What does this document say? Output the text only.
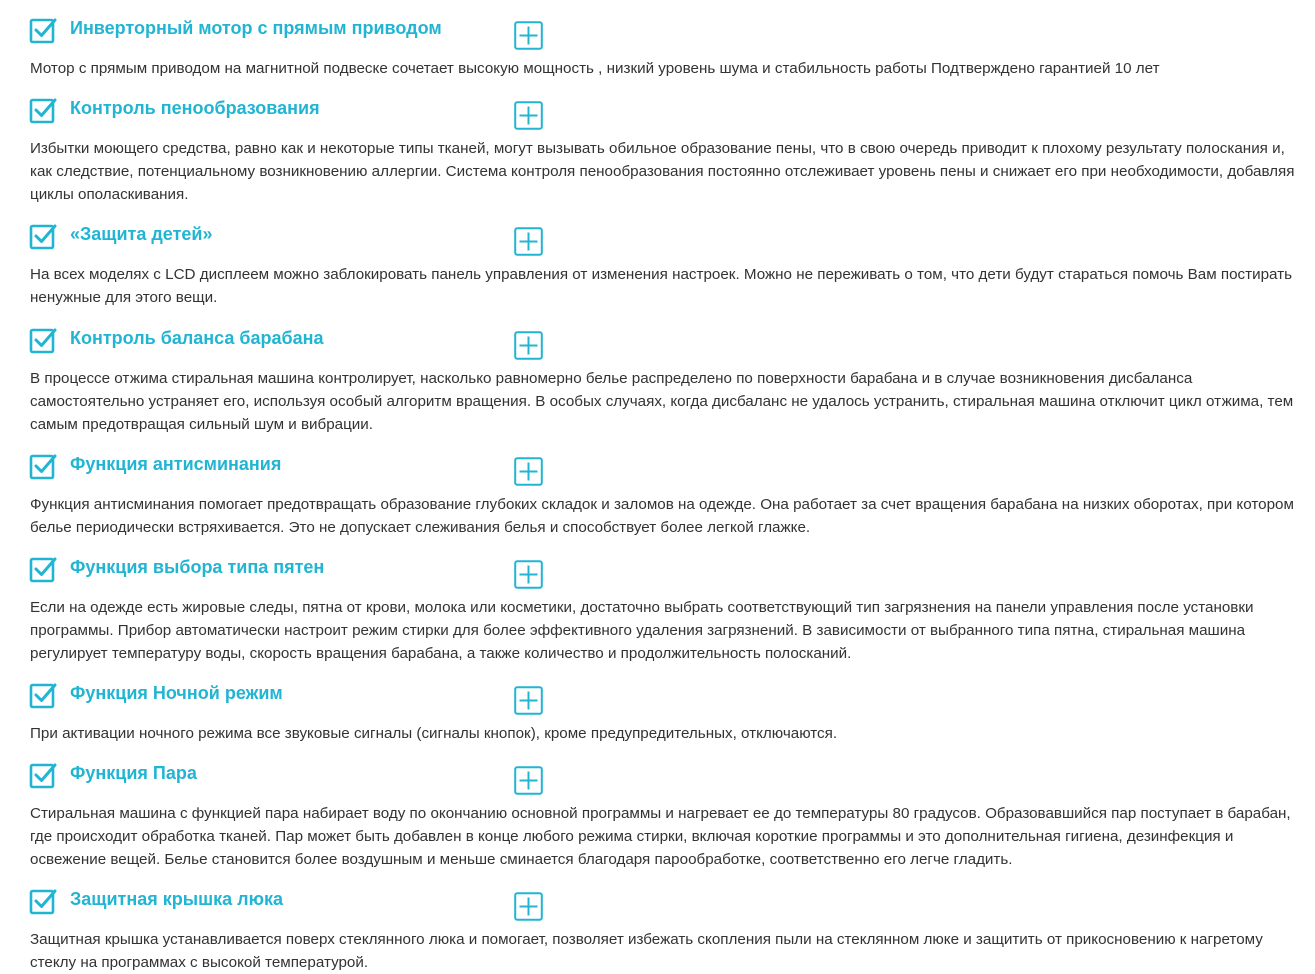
Инверторный мотор с прямым приводом

Мотор с прямым приводом на магнитной подвеске сочетает высокую мощность , низкий уровень шума и стабильность работы Подтверждено гарантией 10 лет

Контроль пенообразования

Избытки моющего средства, равно как и некоторые типы тканей, могут вызывать обильное образование пены, что в свою очередь приводит к плохому результату полоскания и, как следствие, потенциальному возникновению аллергии. Система контроля пенообразования постоянно отслеживает уровень пены и снижает его при необходимости, добавляя циклы ополаскивания.

«Защита детей»

На всех моделях с LCD дисплеем можно заблокировать панель управления от изменения настроек. Можно не переживать о том, что дети будут стараться помочь Вам постирать ненужные для этого вещи.

Контроль баланса барабана

В процессе отжима стиральная машина контролирует, насколько равномерно белье распределено по поверхности барабана и в случае возникновения дисбаланса самостоятельно устраняет его, используя особый алгоритм вращения. В особых случаях, когда дисбаланс не удалось устранить, стиральная машина отключит цикл отжима, тем самым предотвращая сильный шум и вибрации.

Функция антисминания

Функция антисминания помогает предотвращать образование глубоких складок и заломов на одежде. Она работает за счет вращения барабана на низких оборотах, при котором белье периодически встряхивается. Это не допускает слеживания белья и способствует более легкой глажке.

Функция выбора типа пятен

Если на одежде есть жировые следы, пятна от крови, молока или косметики, достаточно выбрать соответствующий тип загрязнения на панели управления после установки программы. Прибор автоматически настроит режим стирки для более эффективного удаления загрязнений. В зависимости от выбранного типа пятна, стиральная машина регулирует температуру воды, скорость вращения барабана, а также количество и продолжительность полосканий.

Функция Ночной режим

При активации ночного режима все звуковые сигналы (сигналы кнопок), кроме предупредительных, отключаются.

Функция Пара

Стиральная машина с функцией пара набирает воду по окончанию основной программы и нагревает ее до температуры 80 градусов. Образовавшийся пар поступает в барабан, где происходит обработка тканей. Пар может быть добавлен в конце любого режима стирки, включая короткие программы и это дополнительная гигиена, дезинфекция и освежение вещей. Белье становится более воздушным и меньше сминается благодаря парообработке, соответственно его легче гладить.

Защитная крышка люка

Защитная крышка устанавливается поверх стеклянного люка и помогает, позволяет избежать скопления пыли на стеклянном люке и защитить от прикосновению к нагретому стеклу на программах с высокой температурой.
